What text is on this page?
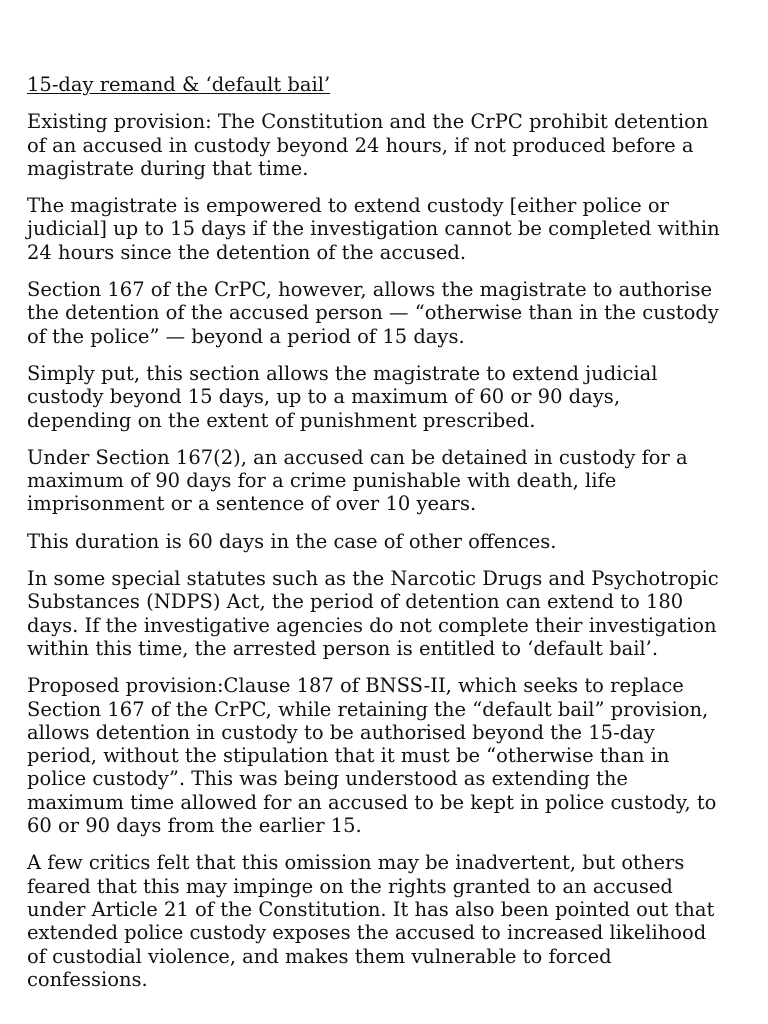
15-day remand & ‘default bail’

Existing provision: The Constitution and the CrPC prohibit detention of an accused in custody beyond 24 hours, if not produced before a magistrate during that time.

The magistrate is empowered to extend custody [either police or judicial] up to 15 days if the investigation cannot be completed within 24 hours since the detention of the accused.

Section 167 of the CrPC, however, allows the magistrate to authorise the detention of the accused person — “otherwise than in the custody of the police” — beyond a period of 15 days.

Simply put, this section allows the magistrate to extend judicial custody beyond 15 days, up to a maximum of 60 or 90 days, depending on the extent of punishment prescribed.

Under Section 167(2), an accused can be detained in custody for a maximum of 90 days for a crime punishable with death, life imprisonment or a sentence of over 10 years.

This duration is 60 days in the case of other offences.

In some special statutes such as the Narcotic Drugs and Psychotropic Substances (NDPS) Act, the period of detention can extend to 180 days. If the investigative agencies do not complete their investigation within this time, the arrested person is entitled to ‘default bail’.

Proposed provision:Clause 187 of BNSS-II, which seeks to replace Section 167 of the CrPC, while retaining the “default bail” provision, allows detention in custody to be authorised beyond the 15-day period, without the stipulation that it must be “otherwise than in police custody”. This was being understood as extending the maximum time allowed for an accused to be kept in police custody, to 60 or 90 days from the earlier 15.

A few critics felt that this omission may be inadvertent, but others feared that this may impinge on the rights granted to an accused under Article 21 of the Constitution. It has also been pointed out that extended police custody exposes the accused to increased likelihood of custodial violence, and makes them vulnerable to forced confessions.
